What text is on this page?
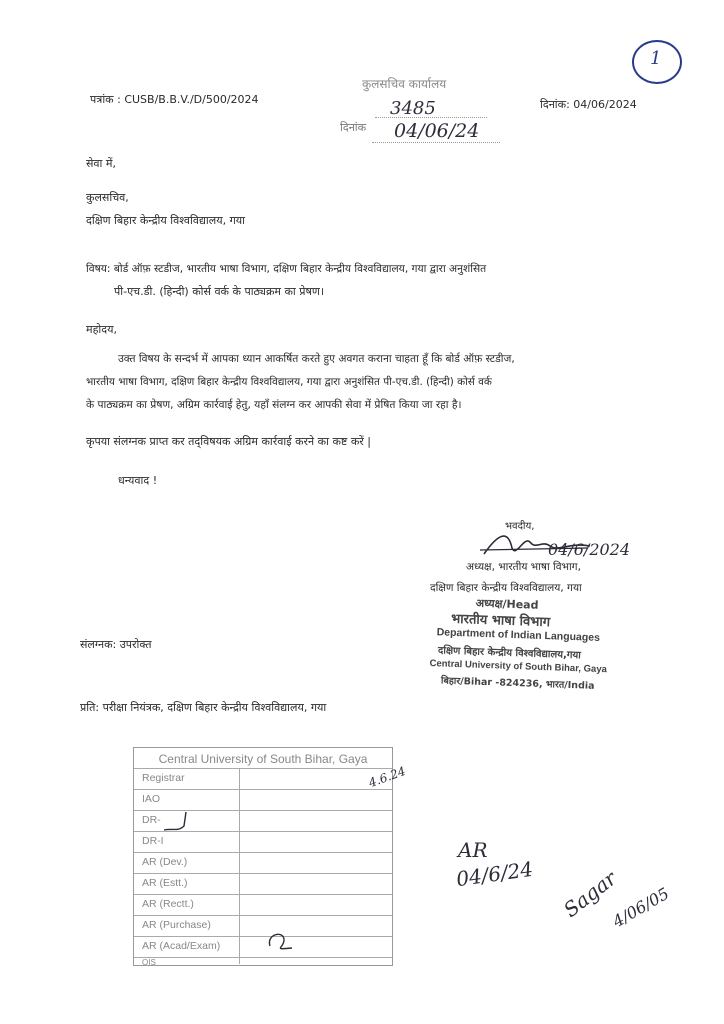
1
पत्रांक : CUSB/B.B.V./D/500/2024	दिनांक: 04/06/2024
कुलसचिव कार्यालय
3485
दिनांक 04/06/24
सेवा में,
कुलसचिव,
दक्षिण बिहार केन्द्रीय विश्वविद्यालय, गया
विषय: बोर्ड ऑफ़ स्टडीज, भारतीय भाषा विभाग, दक्षिण बिहार केन्द्रीय विश्वविद्यालय, गया द्वारा अनुशंसित
पी-एच.डी. (हिन्दी) कोर्स वर्क के पाठ्यक्रम का प्रेषण।
महोदय,
उक्त विषय के सन्दर्भ में आपका ध्यान आकर्षित करते हुए अवगत कराना चाहता हूँ कि बोर्ड ऑफ़ स्टडीज,
भारतीय भाषा विभाग, दक्षिण बिहार केन्द्रीय विश्वविद्यालय, गया द्वारा अनुशंसित पी-एच.डी. (हिन्दी) कोर्स वर्क
के पाठ्यक्रम का प्रेषण, अग्रिम कार्रवाई हेतु, यहाँ संलग्न कर आपकी सेवा में प्रेषित किया जा रहा है।
कृपया संलग्नक प्राप्त कर तद्‌विषयक अग्रिम कार्रवाई करने का कष्ट करें |
धन्यवाद !
भवदीय,
04/6/2024
अध्यक्ष, भारतीय भाषा विभाग,
दक्षिण बिहार केन्द्रीय विश्वविद्यालय, गया
अध्यक्ष/Head
भारतीय भाषा विभाग
Department of Indian Languages
दक्षिण बिहार केन्द्रीय विश्वविद्यालय,गया
Central University of South Bihar, Gaya
बिहार/Bihar -824236, भारत/India
संलग्नक: उपरोक्त
प्रति: परीक्षा नियंत्रक, दक्षिण बिहार केन्द्रीय विश्वविद्यालय, गया
Central University of South Bihar, Gaya
Registrar
IAO
DR-
DR-I
AR (Dev.)
AR (Estt.)
AR (Rectt.)
AR (Purchase)
AR (Acad/Exam)
OIS
4.6.24
AR
04/6/24 Sagar
4/06/05
